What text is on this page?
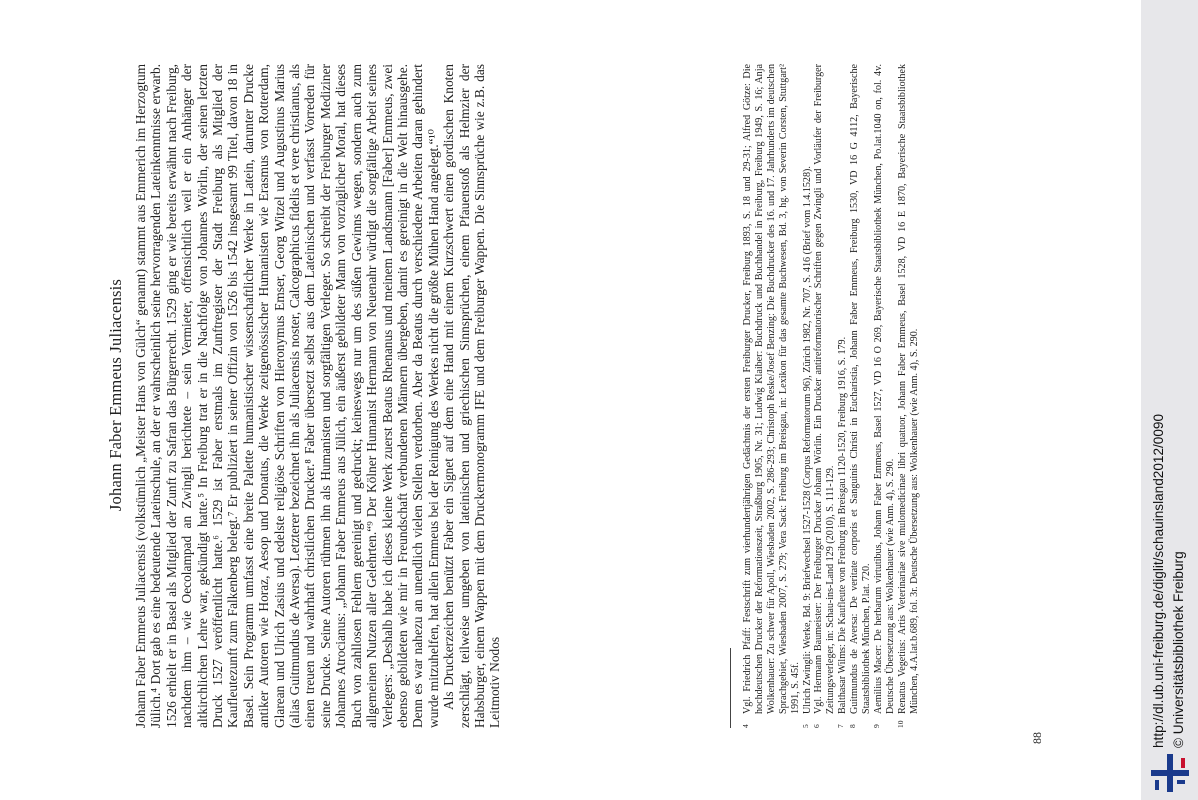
Johann Faber Emmeus Juliacensis Johann Faber Emmeus Juliacensis (volkstümlich „Meister Hans von Gülch“ genannt) stammt aus Emmerich im Herzogtum Jülich.⁴ Dort gab es eine bedeutende Lateinschule, an der er wahrscheinlich seine hervorragenden Lateinkenntnisse erwarb. 1526 erhielt er in Basel als Mitglied der Zunft zu Safran das Bürgerrecht. 1529 ging er wie bereits erwähnt nach Freiburg, nachdem ihm – wie Oecolampad an Zwingli berichtete – sein Vermieter, offensichtlich weil er ein Anhänger der altkirchlichen Lehre war, gekündigt hatte.⁵ In Freiburg trat er in die Nachfolge von Johannes Wörlin, der seinen letzten Druck 1527 veröffentlicht hatte.⁶ 1529 ist Faber erstmals im Zunftregister der Stadt Freiburg als Mitglied der Kaufleutezunft zum Falkenberg belegt.⁷ Er publiziert in seiner Offizin von 1526 bis 1542 insgesamt 99 Titel, davon 18 in Basel. Sein Programm umfasst eine breite Palette humanistischer wissenschaftlicher Werke in Latein, darunter Drucke antiker Autoren wie Horaz, Aesop und Donatus, die Werke zeitgenössischer Humanisten wie Erasmus von Rotterdam, Glarean und Ulrich Zasius und edelste religiöse Schriften von Hieronymus Emser, Georg Witzel und Augustinus Marius (alias Guitmundus de Aversa). Letzterer bezeichnet ihn als Juliacensis noster, Calcographicus fidelis et vere christianus, als einen treuen und wahrhaft christlichen Drucker.⁸ Faber übersetzt selbst aus dem Lateinischen und verfasst Vorreden für seine Drucke. Seine Autoren rühmen ihn als Humanisten und sorgfältigen Verleger. So schreibt der Freiburger Mediziner Johannes Atrocianus: „Johann Faber Emmeus aus Jülich, ein äußerst gebildeter Mann von vorzüglicher Moral, hat dieses Buch von zahllosen Fehlern gereinigt und gedruckt; keineswegs nur um des süßen Gewinns wegen, sondern auch zum allgemeinen Nutzen aller Gelehrten.“⁹ Der Kölner Humanist Hermann von Neuenahr würdigt die sorgfältige Arbeit seines Verlegers: „Deshalb habe ich dieses kleine Werk zuerst Beatus Rhenanus und meinem Landsmann [Faber] Emmeus, zwei ebenso gebildeten wie mir in Freundschaft verbundenen Männern übergeben, damit es gereinigt in die Welt hinausgehe. Denn es war nahezu an unendlich vielen Stellen verdorben. Aber da Beatus durch verschiedene Arbeiten daran gehindert wurde mitzuhelfen, hat allein Emmeus bei der Reinigung des Werkes nicht die größte Mühen Hand angelegt.“¹⁰ Als Druckerzeichen benützt Faber ein Signet auf dem eine Hand mit einem Kurzschwert einen gordischen Knoten zerschlägt, teilweise umgeben von lateinischen und griechischen Sinnsprüchen, einem Pfauenstoß als Helmzier der Habsburger, einem Wappen mit dem Druckermonogramm IFE und dem Freiburger Wappen. Die Sinnsprüche wie z.B. das Leitmotiv Nodos	4
Vgl. Friedrich Pfaff: Festschrift zum vierhundertjährigen Gedächtnis der ersten Freiburger Drucker, Freiburg 1893, S. 18 und 29-31; Alfred Götze: Die hochdeutschen Drucker der Reformationszeit, Straßburg 1905, Nr. 31; Ludwig Klaiber: Buchdruck und Buchhandel in Freiburg, Freiburg 1949, S. 16; Anja Wolkenhauer: Zu schwer für Apoll, Wiesbaden 2002, S. 286-293; Christoph Reske/Josef Benzing: Die Buchdrucker des 16. und 17. Jahrhunderts im deutschen Sprachgebiet, Wiesbaden 2007, S. 279; Vera Sack: Freiburg im Breisgau, in: Lexikon für das gesamte Buchwesen, Bd. 3, hg. von Severin Corsten, Stuttgart² 1991, S. 45f.
5
Ulrich Zwingli: Werke, Bd. 9: Briefwechsel 1527-1528 (Corpus Reformatorum 96), Zürich 1982, Nr. 707, S. 416 (Brief vom 1.4.1528).
6
Vgl. Hermann Baumeister: Der Freiburger Drucker Johann Wörlin. Ein Drucker antireformatorischer Schriften gegen Zwingli und Vorläufer der Freiburger Zeitungsverleger, in: Schau-ins-Land 129 (2010), S. 111-129.
7
Balthasar Wilms: Die Kaufleute von Freiburg im Breisgau 1120-1520, Freiburg 1916, S. 179.
8
Guitmundus de Aversa: De veritate corporis et Sanguinis Christi in Eucharistia, Johann Faber Emmeus, Freiburg 1530, VD 16 G 4112, Bayerische Staatsbibliothek München, P.lat. 720.
9
Aemilius Macer: De herbarum virtutibus, Johann Faber Emmeus, Basel 1527, VD 16 O 269, Bayerische Staatsbibliothek München, Po.lat.1040 on, fol. 4v. Deutsche Übersetzung aus: Wolkenhauer (wie Anm. 4), S. 290.
10
Renatus Vegetius: Artis Veterinariae sive mulomedicinae libri quatuor, Johann Faber Emmeus, Basel 1528, VD 16 E 1870, Bayerische Staatsbibliothek München, 4.A.lat.b.689, fol. 3r. Deutsche Übersetzung aus: Wolkenhauer (wie Anm. 4), S. 290.
88	http://dl.ub.uni-freiburg.de/diglit/schauinsland2012/0090 © Universitätsbibliothek Freiburg
